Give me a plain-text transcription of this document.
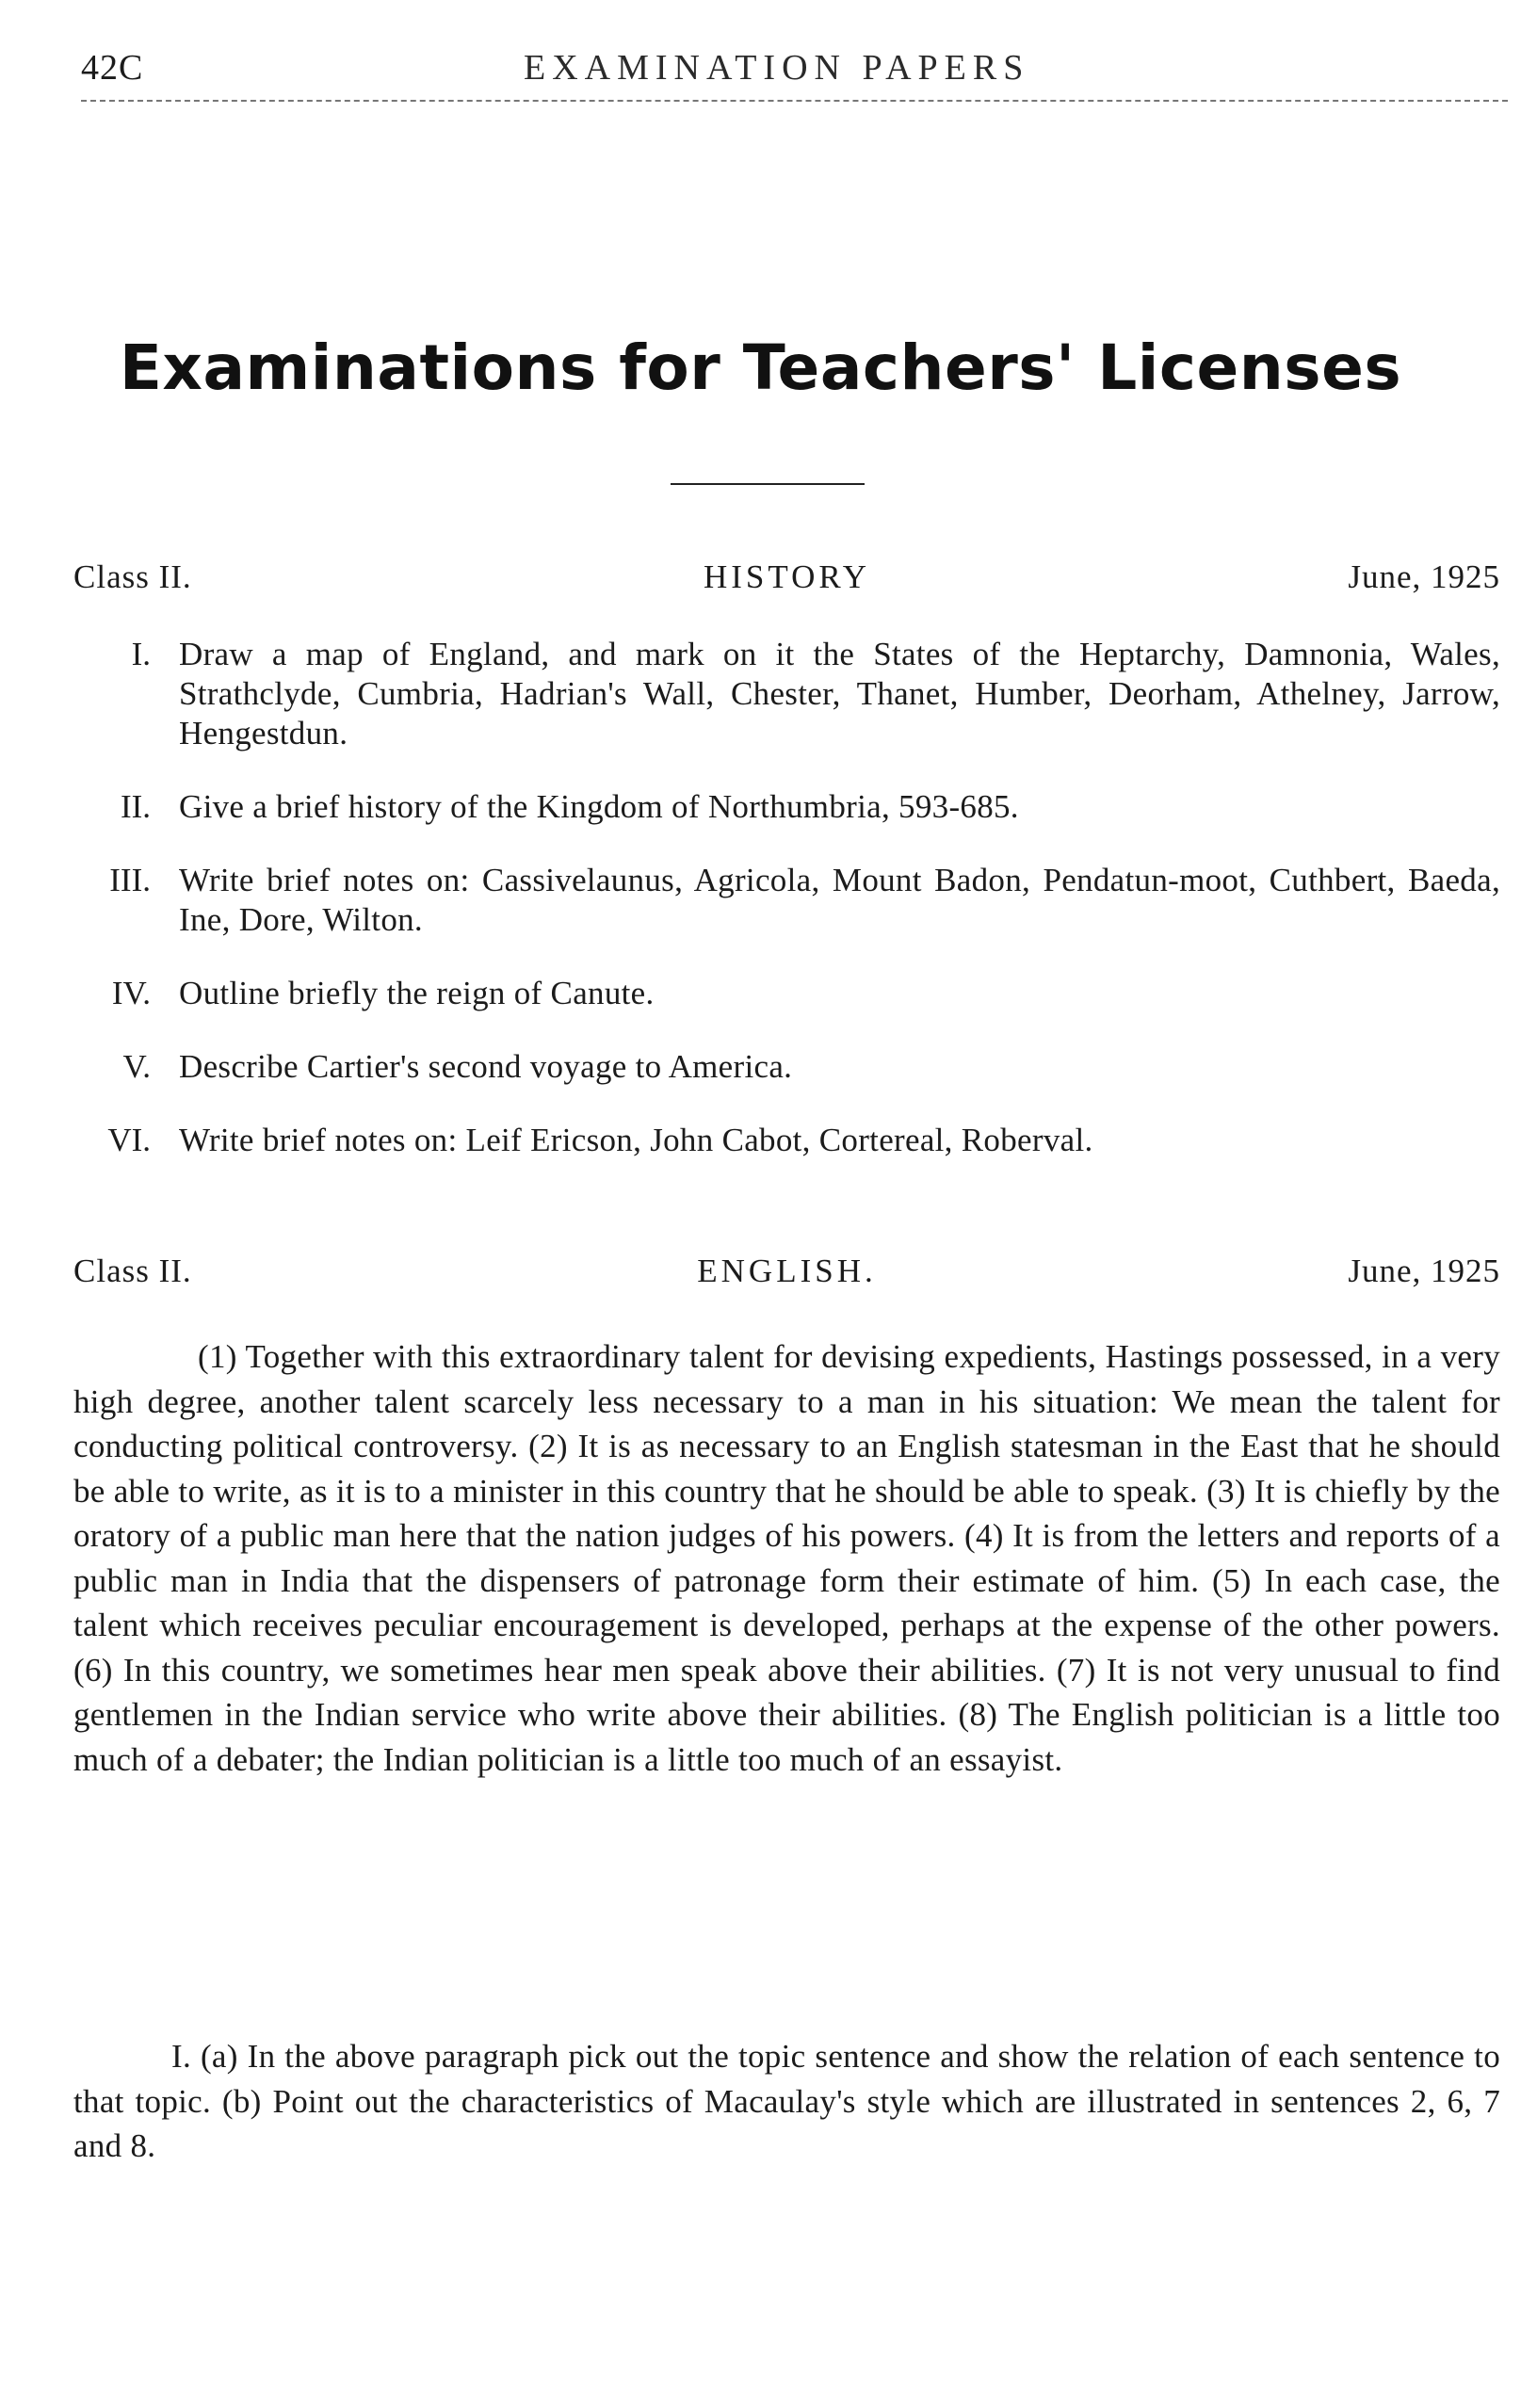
42C	EXAMINATION PAPERS
Examinations for Teachers' Licenses
Class II.	HISTORY	June, 1925
I. Draw a map of England, and mark on it the States of the Heptarchy, Damnonia, Wales, Strathclyde, Cumbria, Hadrian's Wall, Chester, Thanet, Humber, Deorham, Athelney, Jarrow, Hengestdun.
II. Give a brief history of the Kingdom of Northumbria, 593-685.
III. Write brief notes on: Cassivelaunus, Agricola, Mount Badon, Pendatun-moot, Cuthbert, Baeda, Ine, Dore, Wilton.
IV. Outline briefly the reign of Canute.
V. Describe Cartier's second voyage to America.
VI. Write brief notes on: Leif Ericson, John Cabot, Cortereal, Roberval.
Class II.	ENGLISH.	June, 1925
(1) Together with this extraordinary talent for devising expedients, Hastings possessed, in a very high degree, another talent scarcely less necessary to a man in his situation: We mean the talent for conducting political controversy. (2) It is as necessary to an English statesman in the East that he should be able to write, as it is to a minister in this country that he should be able to speak. (3) It is chiefly by the oratory of a public man here that the nation judges of his powers. (4) It is from the letters and reports of a public man in India that the dispensers of patronage form their estimate of him. (5) In each case, the talent which receives peculiar encouragement is developed, perhaps at the expense of the other powers. (6) In this country, we sometimes hear men speak above their abilities. (7) It is not very unusual to find gentlemen in the Indian service who write above their abilities. (8) The English politician is a little too much of a debater; the Indian politician is a little too much of an essayist.
I. (a) In the above paragraph pick out the topic sentence and show the relation of each sentence to that topic. (b) Point out the characteristics of Macaulay's style which are illustrated in sentences 2, 6, 7 and 8.
